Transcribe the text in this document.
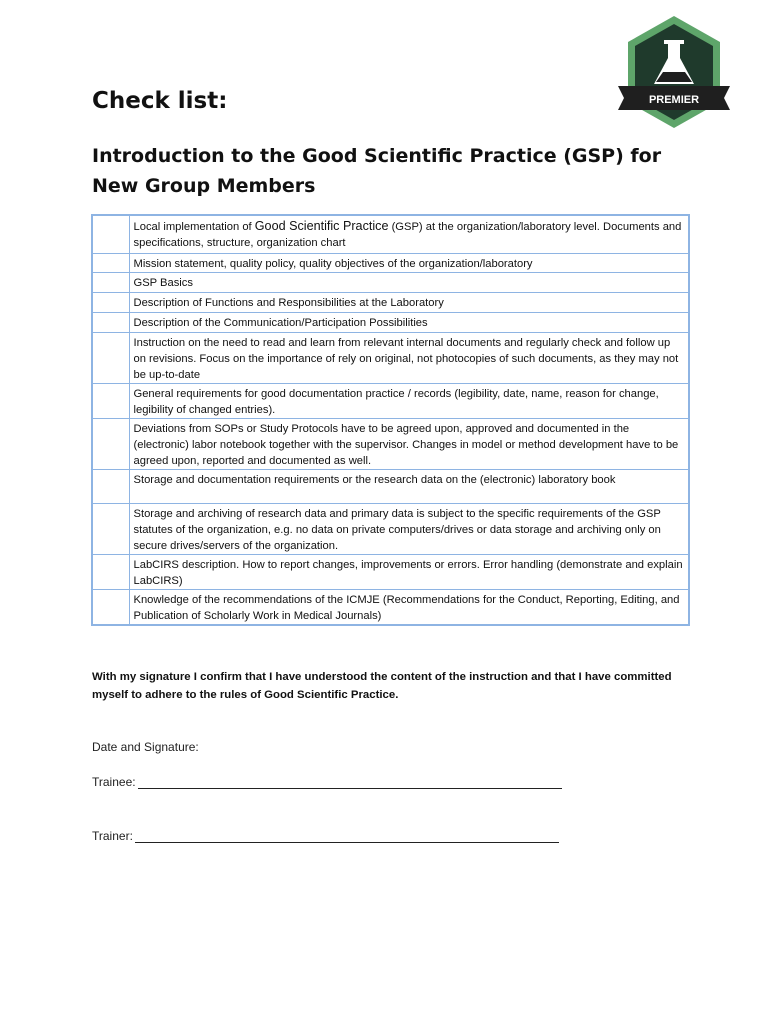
PREMIER
Check list:
Introduction to the Good Scientific Practice (GSP) for New Group Members
	Local implementation of Good Scientific Practice (GSP) at the organization/laboratory level. Documents and specifications, structure, organization chart
	Mission statement, quality policy, quality objectives of the organization/laboratory
	GSP Basics
	Description of Functions and Responsibilities at the Laboratory
	Description of the Communication/Participation Possibilities
	Instruction on the need to read and learn from relevant internal documents and regularly check and follow up on revisions. Focus on the importance of rely on original, not photocopies of such documents, as they may not be up-to-date
	General requirements for good documentation practice / records (legibility, date, name, reason for change, legibility of changed entries).
	Deviations from SOPs or Study Protocols have to be agreed upon, approved and documented in the (electronic) labor notebook together with the supervisor. Changes in model or method development have to be agreed upon, reported and documented as well.
	Storage and documentation requirements or the research data on the (electronic) laboratory book
	Storage and archiving of research data and primary data is subject to the specific requirements of the GSP statutes of the organization, e.g. no data on private computers/drives or data storage and archiving only on secure drives/servers of the organization.
	LabCIRS description. How to report changes, improvements or errors. Error handling (demonstrate and explain LabCIRS)
	Knowledge of the recommendations of the ICMJE (Recommendations for the Conduct, Reporting, Editing, and Publication of Scholarly Work in Medical Journals)
With my signature I confirm that I have understood the content of the instruction and that I have committed myself to adhere to the rules of Good Scientific Practice.
Date and Signature:
Trainee:
Trainer:
